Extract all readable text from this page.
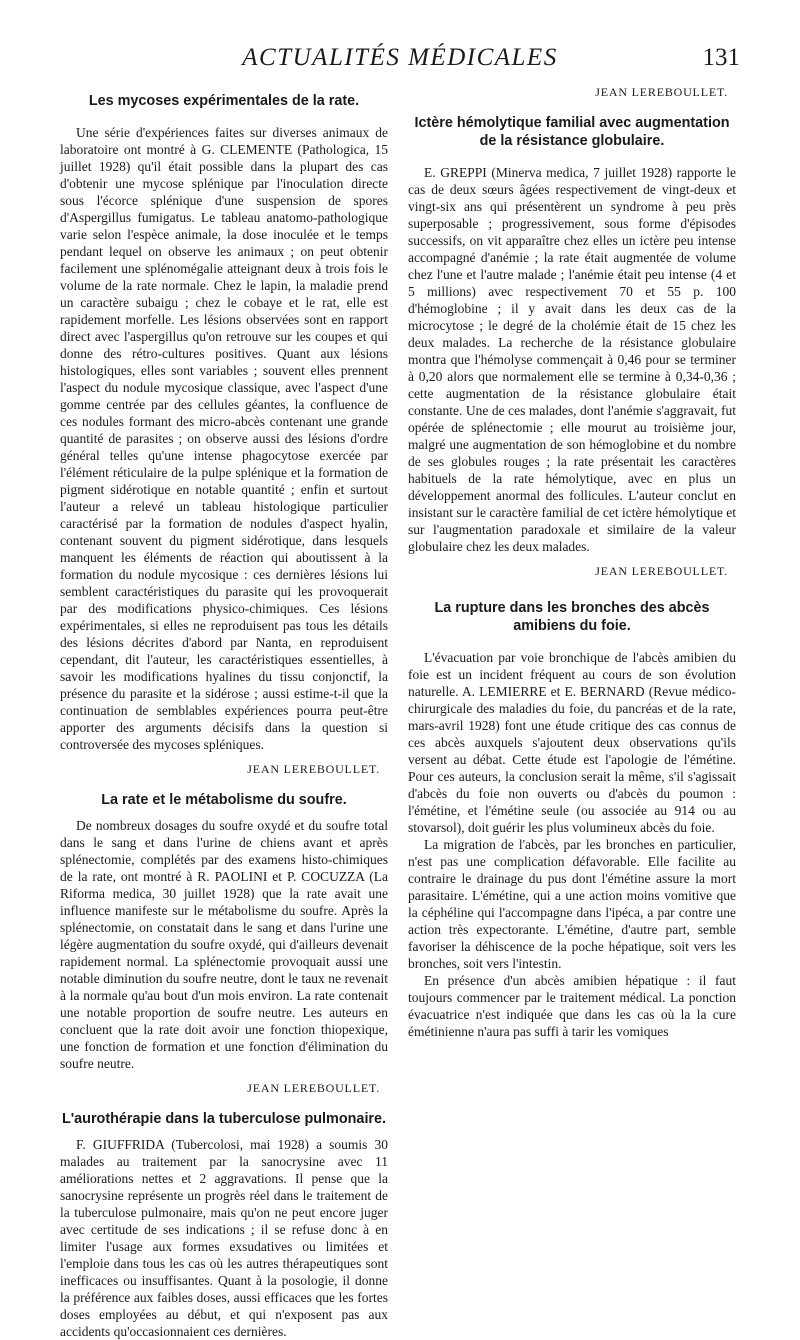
ACTUALITÉS MÉDICALES	131
Les mycoses expérimentales de la rate.

Une série d'expériences faites sur diverses animaux de laboratoire ont montré à G. CLEMENTE (Pathologica, 15 juillet 1928) qu'il était possible dans la plupart des cas d'obtenir une mycose splénique par l'inoculation directe sous l'écorce splénique d'une suspension de spores d'Aspergillus fumigatus. Le tableau anatomo-pathologique varie selon l'espèce animale, la dose inoculée et le temps pendant lequel on observe les animaux ; on peut obtenir facilement une splénomégalie atteignant deux à trois fois le volume de la rate normale. Chez le lapin, la maladie prend un caractère subaigu ; chez le cobaye et le rat, elle est rapidement morfelle. Les lésions observées sont en rapport direct avec l'aspergillus qu'on retrouve sur les coupes et qui donne des rétro-cultures positives. Quant aux lésions histologiques, elles sont variables ; souvent elles prennent l'aspect du nodule mycosique classique, avec l'aspect d'une gomme centrée par des cellules géantes, la confluence de ces nodules formant des micro-abcès contenant une grande quantité de parasites ; on observe aussi des lésions d'ordre général telles qu'une intense phagocytose exercée par l'élément réticulaire de la pulpe splénique et la formation de pigment sidérotique en notable quantité ; enfin et surtout l'auteur a relevé un tableau histologique particulier caractérisé par la formation de nodules d'aspect hyalin, contenant souvent du pigment sidérotique, dans lesquels manquent les éléments de réaction qui aboutissent à la formation du nodule mycosique : ces dernières lésions lui semblent caractéristiques du parasite qui les provoquerait par des modifications physico-chimiques. Ces lésions expérimentales, si elles ne reproduisent pas tous les détails des lésions décrites d'abord par Nanta, en reproduisent cependant, dit l'auteur, les caractéristiques essentielles, à savoir les modifications hyalines du tissu conjonctif, la présence du parasite et la sidérose ; aussi estime-t-il que la continuation de semblables expériences pourra peut-être apporter des arguments décisifs dans la question si controversée des mycoses spléniques.

JEAN LEREBOULLET.

La rate et le métabolisme du soufre.

De nombreux dosages du soufre oxydé et du soufre total dans le sang et dans l'urine de chiens avant et après splénectomie, complétés par des examens histo-chimiques de la rate, ont montré à R. PAOLINI et P. COCUZZA (La Riforma medica, 30 juillet 1928) que la rate avait une influence manifeste sur le métabolisme du soufre. Après la splénectomie, on constatait dans le sang et dans l'urine une légère augmentation du soufre oxydé, qui d'ailleurs devenait rapidement normal. La splénectomie provoquait aussi une notable diminution du soufre neutre, dont le taux ne revenait à la normale qu'au bout d'un mois environ. La rate contenait une notable proportion de soufre neutre. Les auteurs en concluent que la rate doit avoir une fonction thiopexique, une fonction de formation et une fonction d'élimination du soufre neutre.

JEAN LEREBOULLET.

L'aurothérapie dans la tuberculose pulmonaire.

F. GIUFFRIDA (Tubercolosi, mai 1928) a soumis 30 malades au traitement par la sanocrysine avec 11 améliorations nettes et 2 aggravations. Il pense que la sanocrysine représente un progrès réel dans le traitement de la tuberculose pulmonaire, mais qu'on ne peut encore juger avec certitude de ses indications ; il se refuse donc à en limiter l'usage aux formes exsudatives ou limitées et l'emploie dans tous les cas où les autres thérapeutiques sont inefficaces ou insuffisantes. Quant à la posologie, il donne la préférence aux faibles doses, aussi efficaces que les fortes doses employées au début, et qui n'exposent pas aux accidents qu'occasionnaient ces dernières.

JEAN LEREBOULLET.

Ictère hémolytique familial avec augmentation de la résistance globulaire.

E. GREPPI (Minerva medica, 7 juillet 1928) rapporte le cas de deux sœurs âgées respectivement de vingt-deux et vingt-six ans qui présentèrent un syndrome à peu près superposable ; progressivement, sous forme d'épisodes successifs, on vit apparaître chez elles un ictère peu intense accompagné d'anémie ; la rate était augmentée de volume chez l'une et l'autre malade ; l'anémie était peu intense (4 et 5 millions) avec respectivement 70 et 55 p. 100 d'hémoglobine ; il y avait dans les deux cas de la microcytose ; le degré de la cholémie était de 15 chez les deux malades. La recherche de la résistance globulaire montra que l'hémolyse commençait à 0,46 pour se terminer à 0,20 alors que normalement elle se termine à 0,34-0,36 ; cette augmentation de la résistance globulaire était constante. Une de ces malades, dont l'anémie s'aggravait, fut opérée de splénectomie ; elle mourut au troisième jour, malgré une augmentation de son hémoglobine et du nombre de ses globules rouges ; la rate présentait les caractères habituels de la rate hémolytique, avec en plus un développement anormal des follicules. L'auteur conclut en insistant sur le caractère familial de cet ictère hémolytique et sur l'augmentation paradoxale et similaire de la valeur globulaire chez les deux malades.

JEAN LEREBOULLET.

La rupture dans les bronches des abcès amibiens du foie.

L'évacuation par voie bronchique de l'abcès amibien du foie est un incident fréquent au cours de son évolution naturelle. A. LEMIERRE et E. BERNARD (Revue médico-chirurgicale des maladies du foie, du pancréas et de la rate, mars-avril 1928) font une étude critique des cas connus de ces abcès auxquels s'ajoutent deux observations qu'ils versent au débat. Cette étude est l'apologie de l'émétine. Pour ces auteurs, la conclusion serait la même, s'il s'agissait d'abcès du foie non ouverts ou d'abcès du poumon : l'émétine, et l'émétine seule (ou associée au 914 ou au stovarsol), doit guérir les plus volumineux abcès du foie.

La migration de l'abcès, par les bronches en particulier, n'est pas une complication défavorable. Elle facilite au contraire le drainage du pus dont l'émétine assure la mort parasitaire. L'émétine, qui a une action moins vomitive que la céphéline qui l'accompagne dans l'ipéca, a par contre une action très expectorante. L'émétine, d'autre part, semble favoriser la déhiscence de la poche hépatique, soit vers les bronches, soit vers l'intestin.

En présence d'un abcès amibien hépatique : il faut toujours commencer par le traitement médical. La ponction évacuatrice n'est indiquée que dans les cas où la la cure émétinienne n'aura pas suffi à tarir les vomiques
